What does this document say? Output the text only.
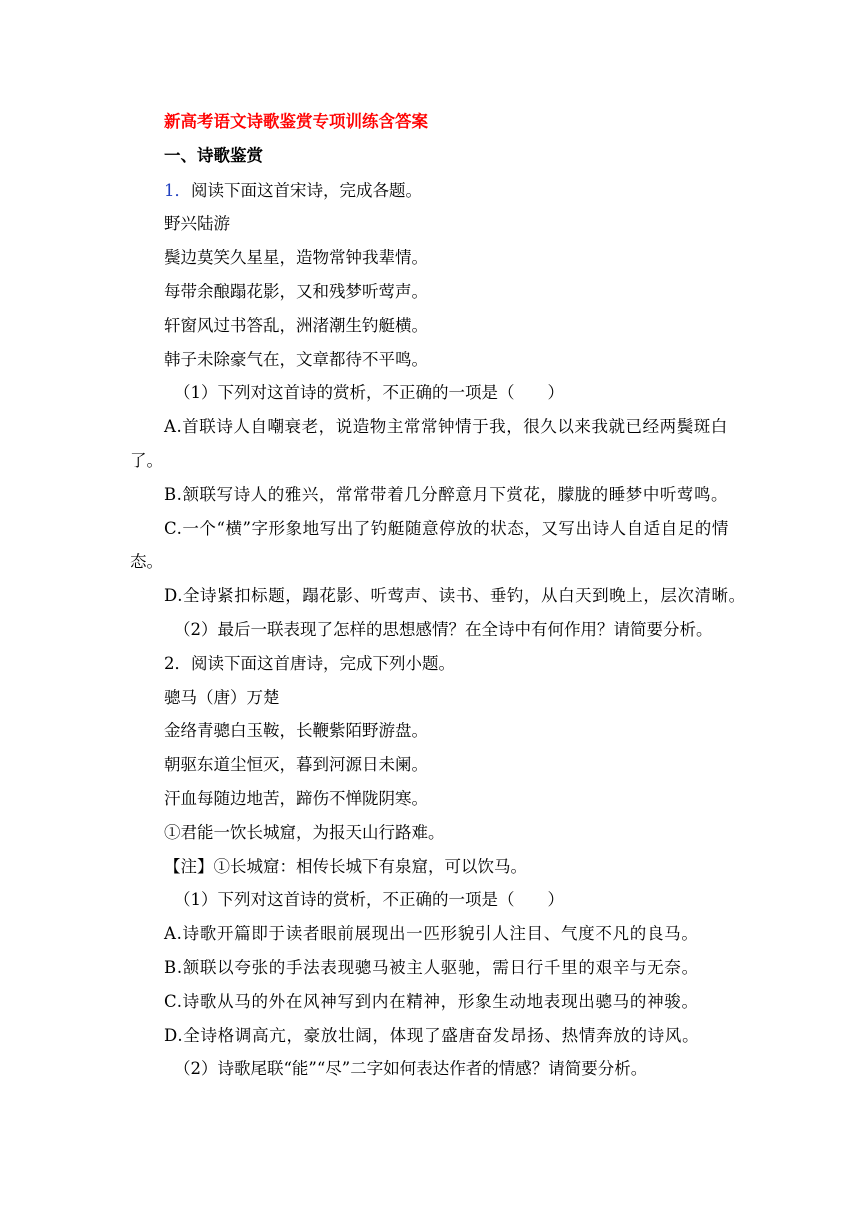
新高考语文诗歌鉴赏专项训练含答案
一、诗歌鉴赏
1．阅读下面这首宋诗，完成各题。
野兴陆游
鬓边莫笑久星星，造物常钟我辈情。
每带余酿蹋花影，又和残梦听莺声。
轩窗风过书答乱，洲渚潮生钓艇横。
韩子未除豪气在，文章都待不平鸣。
（1）下列对这首诗的赏析，不正确的一项是（　　）
A.首联诗人自嘲衰老，说造物主常常钟情于我，很久以来我就已经两鬓斑白
了。
B.颔联写诗人的雅兴，常常带着几分醉意月下赏花，朦胧的睡梦中听莺鸣。
C.一个“横”字形象地写出了钓艇随意停放的状态，又写出诗人自适自足的情
态。
D.全诗紧扣标题，蹋花影、听莺声、读书、垂钓，从白天到晚上，层次清晰。
（2）最后一联表现了怎样的思想感情？在全诗中有何作用？请简要分析。
2．阅读下面这首唐诗，完成下列小题。
骢马（唐）万楚
金络青骢白玉鞍，长鞭紫陌野游盘。
朝驱东道尘恒灭，暮到河源日未阑。
汗血每随边地苦，蹄伤不惮陇阴寒。
①君能一饮长城窟，为报天山行路难。
【注】①长城窟：相传长城下有泉窟，可以饮马。
（1）下列对这首诗的赏析，不正确的一项是（　　）
A.诗歌开篇即于读者眼前展现出一匹形貌引人注目、气度不凡的良马。
B.颔联以夸张的手法表现骢马被主人驱驰，需日行千里的艰辛与无奈。
C.诗歌从马的外在风神写到内在精神，形象生动地表现出骢马的神骏。
D.全诗格调高亢，豪放壮阔，体现了盛唐奋发昂扬、热情奔放的诗风。
（2）诗歌尾联“能”“尽”二字如何表达作者的情感？请简要分析。
